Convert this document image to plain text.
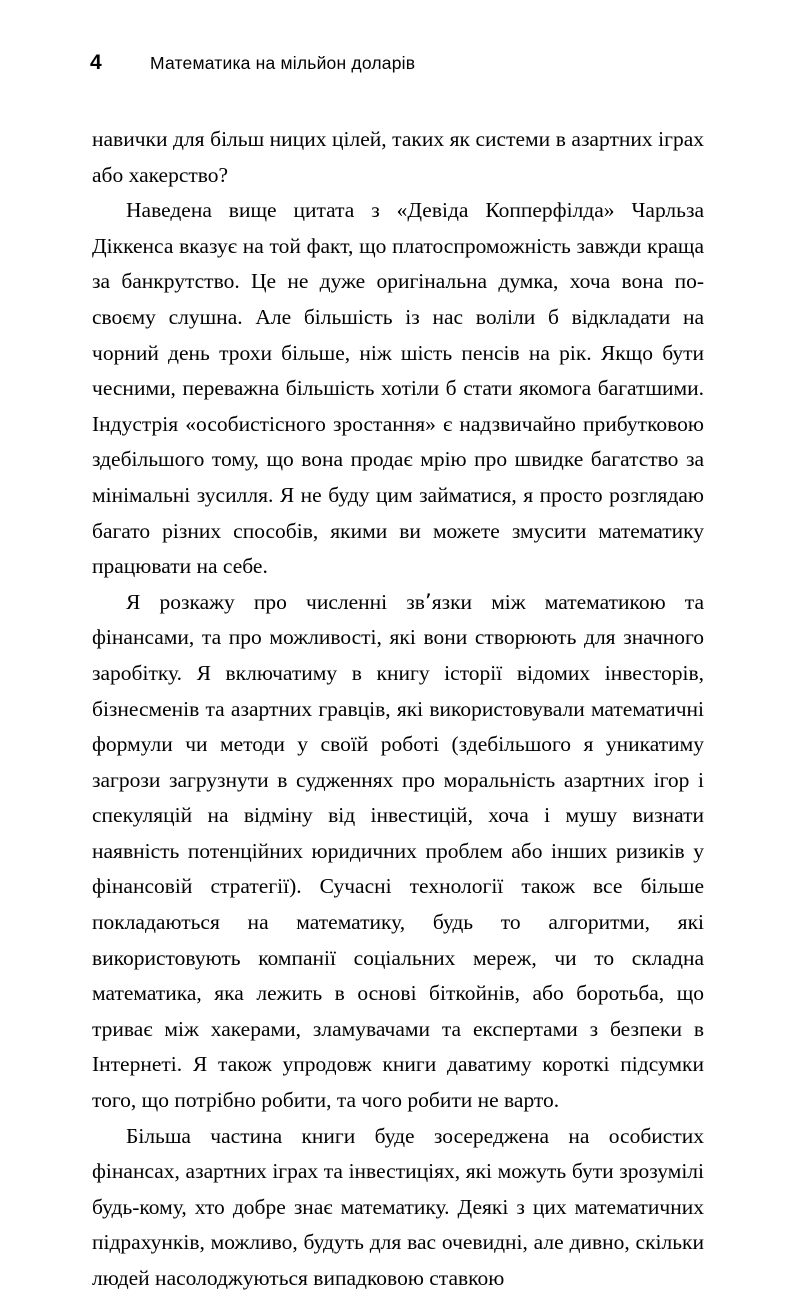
4	Математика на мільйон доларів

навички для більш ницих цілей, таких як системи в азартних іграх або хакерство?

Наведена вище цитата з «Девіда Копперфілда» Чарльза Діккенса вказує на той факт, що платоспроможність завжди краща за банкрутство. Це не дуже оригінальна думка, хоча вона по-своєму слушна. Але більшість із нас воліли б відкладати на чорний день трохи більше, ніж шість пенсів на рік. Якщо бути чесними, переважна більшість хотіли б стати якомога багатшими. Індустрія «особистісного зростання» є надзвичайно прибутковою здебільшого тому, що вона продає мрію про швидке багатство за мінімальні зусилля. Я не буду цим займатися, я просто розглядаю багато різних способів, якими ви можете змусити математику працювати на себе.

Я розкажу про численні зв՚язки між математикою та фінансами, та про можливості, які вони створюють для значного заробітку. Я включатиму в книгу історії відомих інвесторів, бізнесменів та азартних гравців, які використовували математичні формули чи методи у своїй роботі (здебільшого я уникатиму загрози загрузнути в судженнях про моральність азартних ігор і спекуляцій на відміну від інвестицій, хоча і мушу визнати наявність потенційних юридичних проблем або інших ризиків у фінансовій стратегії). Сучасні технології також все більше покладаються на математику, будь то алгоритми, які використовують компанії соціальних мереж, чи то складна математика, яка лежить в основі біткойнів, або боротьба, що триває між хакерами, зламувачами та експертами з безпеки в Інтернеті. Я також упродовж книги даватиму короткі підсумки того, що потрібно робити, та чого робити не варто.

Більша частина книги буде зосереджена на особистих фінансах, азартних іграх та інвестиціях, які можуть бути зрозумілі будь-кому, хто добре знає математику. Деякі з цих математичних підрахунків, можливо, будуть для вас очевидні, але дивно, скільки людей насолоджуються випадковою ставкою
